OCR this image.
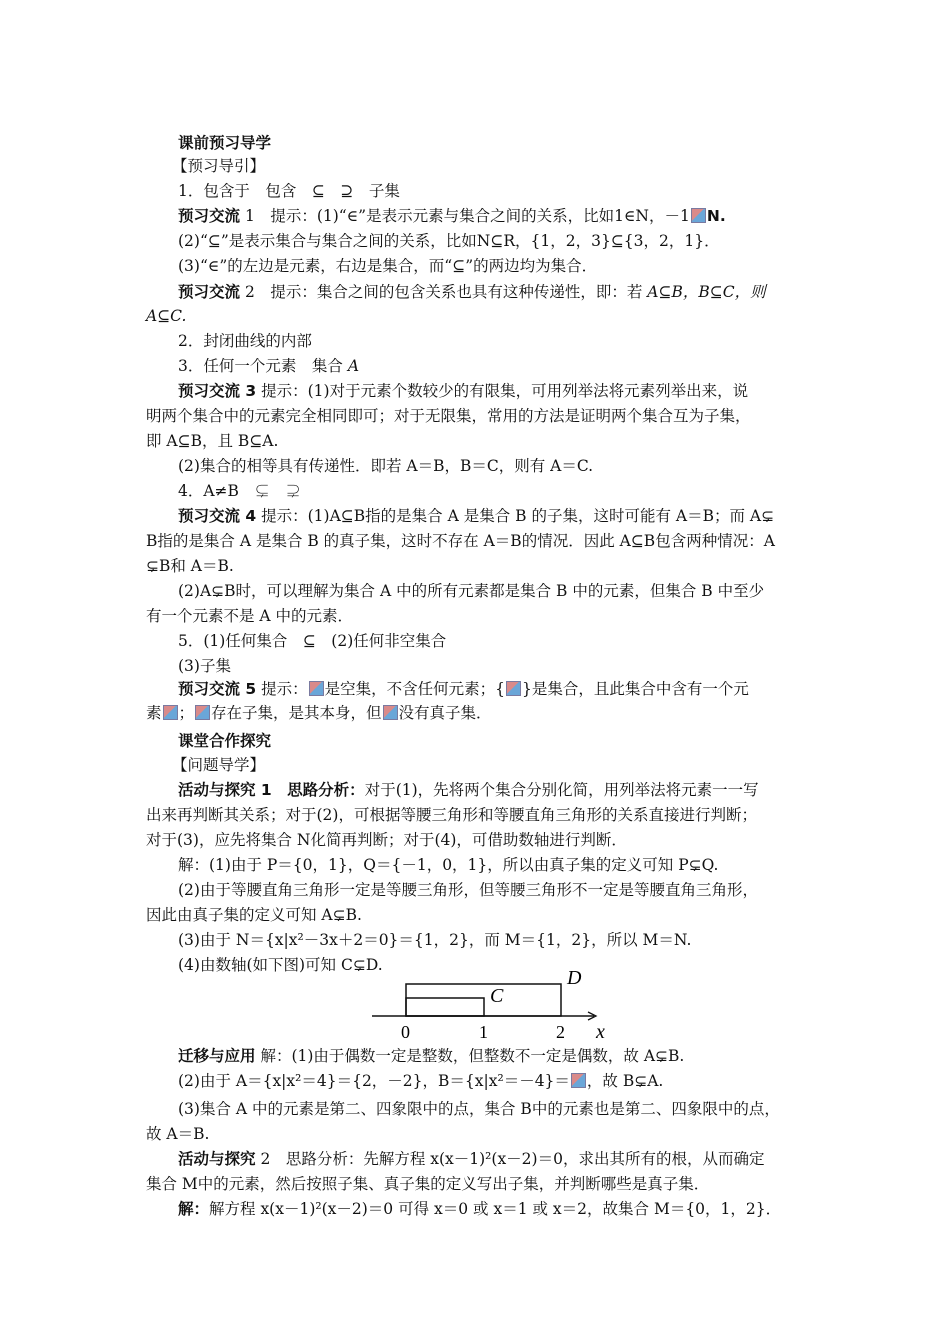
课前预习导学
【预习导引】
1．包含于　包含　⊆　⊇　子集
预习交流 1　提示：(1)“∈”是表示元素与集合之间的关系，比如1∈N，－1 N.
(2)“⊆”是表示集合与集合之间的关系，比如N⊆R，{1，2，3}⊆{3，2，1}．
(3)“∈”的左边是元素，右边是集合，而“⊆”的两边均为集合．
预习交流 2　提示：集合之间的包含关系也具有这种传递性，即：若 A⊆B，B⊆C，则
A⊆C.
2．封闭曲线的内部
3．任何一个元素　集合 A
预习交流 3 提示：(1)对于元素个数较少的有限集，可用列举法将元素列举出来，说
明两个集合中的元素完全相同即可；对于无限集，常用的方法是证明两个集合互为子集，
即 A⊆B，且 B⊆A.
(2)集合的相等具有传递性．即若 A＝B，B＝C，则有 A＝C.
4．A≠B　⊊　⊋
预习交流 4 提示：(1)A⊆B指的是集合 A 是集合 B 的子集，这时可能有 A＝B；而 A⊊
B指的是集合 A 是集合 B 的真子集，这时不存在 A＝B的情况．因此 A⊆B包含两种情况：A
⊊B和 A＝B.
(2)A⊊B时，可以理解为集合 A 中的所有元素都是集合 B 中的元素，但集合 B 中至少
有一个元素不是 A 中的元素．
5．(1)任何集合　⊆　(2)任何非空集合
(3)子集
预习交流 5 提示： 是空集，不含任何元素；{ }是集合，且此集合中含有一个元
素 ； 存在子集，是其本身，但 没有真子集．
课堂合作探究
【问题导学】
活动与探究 1　思路分析：对于(1)，先将两个集合分别化简，用列举法将元素一一写
出来再判断其关系；对于(2)，可根据等腰三角形和等腰直角三角形的关系直接进行判断；
对于(3)，应先将集合 N化简再判断；对于(4)，可借助数轴进行判断．
解：(1)由于 P＝{0，1}，Q＝{－1，0，1}，所以由真子集的定义可知 P⊊Q.
(2)由于等腰直角三角形一定是等腰三角形，但等腰三角形不一定是等腰直角三角形，
因此由真子集的定义可知 A⊊B.
(3)由于 N＝{x|x²－3x＋2＝0}＝{1，2}，而 M＝{1，2}，所以 M＝N.
(4)由数轴(如下图)可知 C⊊D.
C
D
0	1	2 x
迁移与应用 解：(1)由于偶数一定是整数，但整数不一定是偶数，故 A⊊B.
(2)由于 A＝{x|x²＝4}＝{2，－2}，B＝{x|x²＝－4}＝ ，故 B⊊A.
(3)集合 A 中的元素是第二、四象限中的点，集合 B中的元素也是第二、四象限中的点，
故 A＝B.
活动与探究 2　思路分析：先解方程 x(x－1)²(x－2)＝0，求出其所有的根，从而确定
集合 M中的元素，然后按照子集、真子集的定义写出子集，并判断哪些是真子集．
解：解方程 x(x－1)²(x－2)＝0 可得 x＝0 或 x＝1 或 x＝2，故集合 M＝{0，1，2}．
